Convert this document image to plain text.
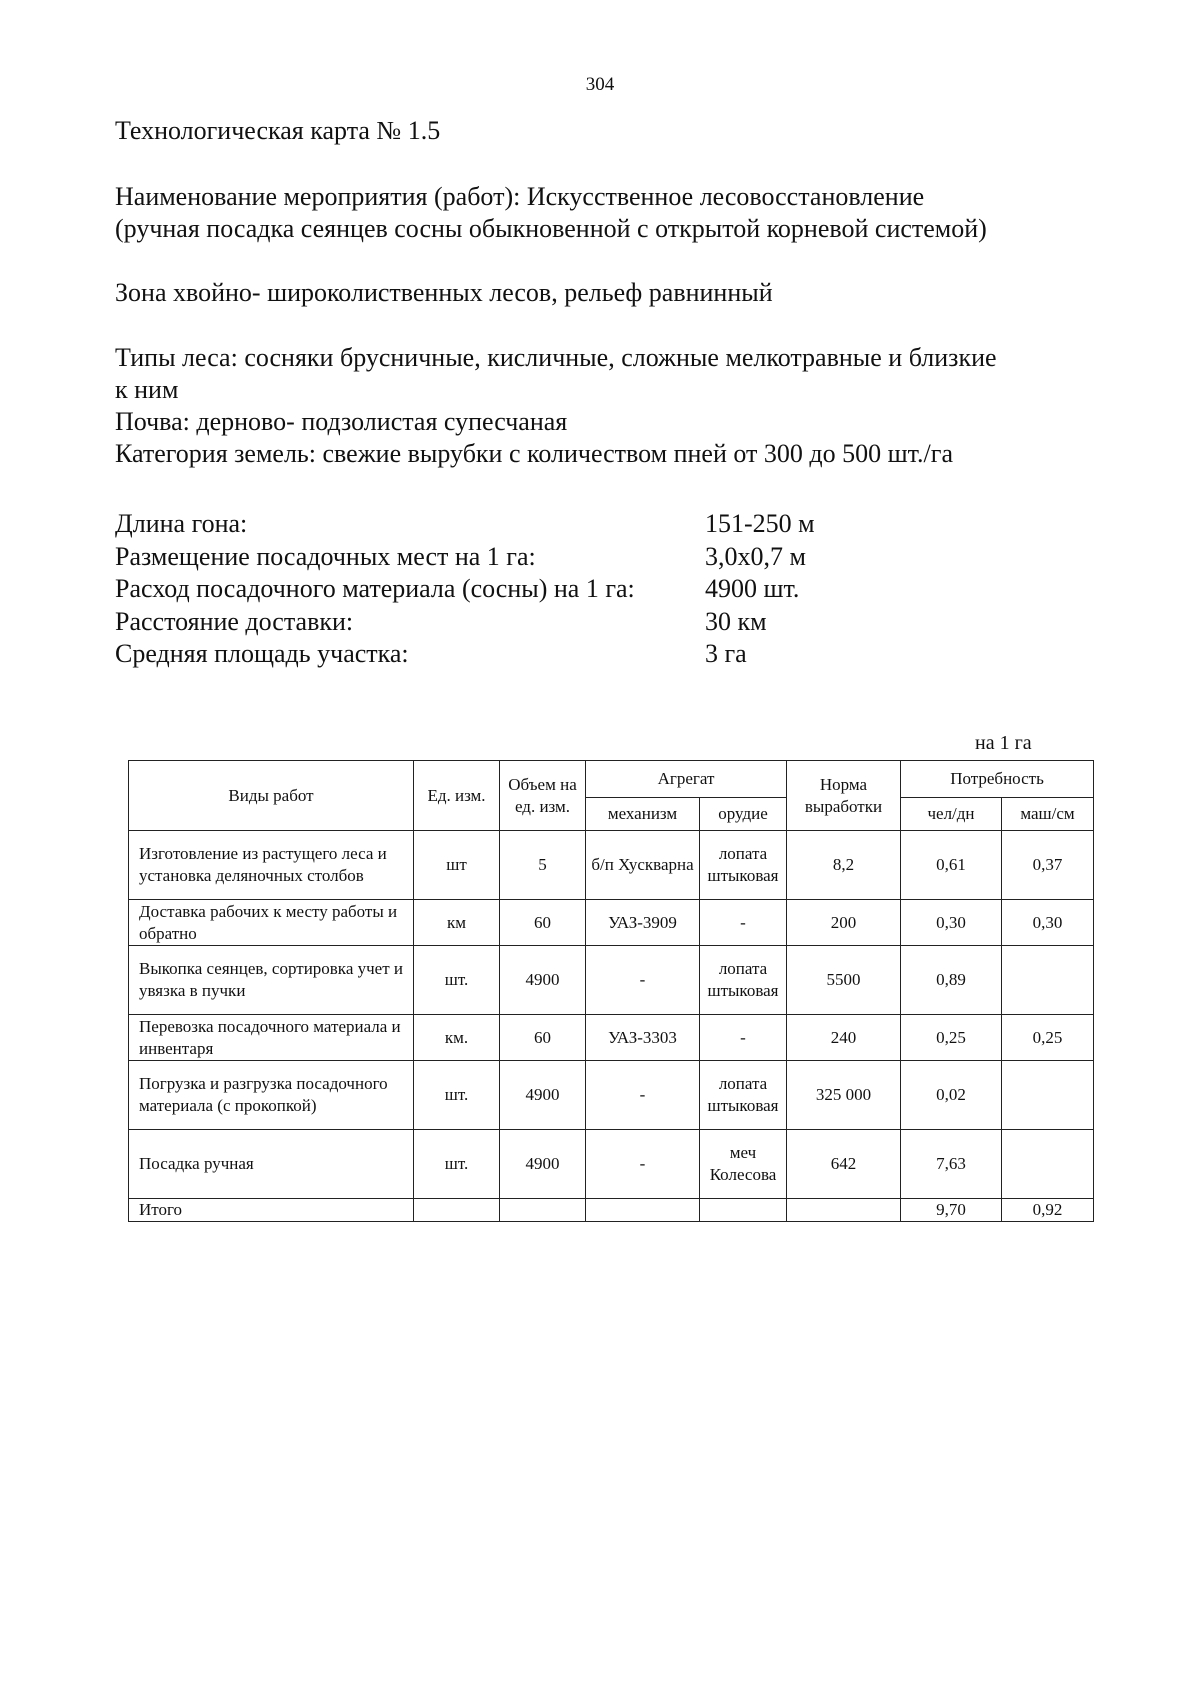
304
Технологическая карта № 1.5
Наименование мероприятия (работ): Искусственное лесовосстановление
(ручная посадка сеянцев сосны обыкновенной с открытой корневой системой)
Зона хвойно- широколиственных лесов, рельеф равнинный
Типы леса: сосняки брусничные, кисличные, сложные мелкотравные и близкие
к ним
Почва: дерново- подзолистая супесчаная
Категория земель: свежие вырубки с количеством пней от 300 до 500 шт./га
Длина гона:	151-250 м
Размещение посадочных мест на 1 га:	3,0х0,7 м
Расход посадочного материала (сосны) на 1 га:	4900 шт.
Расстояние доставки:	30 км
Средняя площадь участка:	3 га
на 1 га
Виды работ	Ед. изм.	Объем на ед. изм.	Агрегат		Норма выработки	Потребность	
			механизм	орудие		чел/дн	маш/см
Изготовление из растущего леса и установка деляночных столбов	шт	5	б/п Хускварна	лопата штыковая	8,2	0,61	0,37
Доставка рабочих к месту работы и обратно	км	60	УАЗ-3909	-	200	0,30	0,30
Выкопка сеянцев, сортировка учет и увязка в пучки	шт.	4900	-	лопата штыковая	5500	0,89	
Перевозка посадочного материала и инвентаря	км.	60	УАЗ-3303	-	240	0,25	0,25
Погрузка и разгрузка посадочного материала (с прокопкой)	шт.	4900	-	лопата штыковая	325 000	0,02	
Посадка ручная	шт.	4900	-	меч Колесова	642	7,63	
Итого						9,70	0,92
